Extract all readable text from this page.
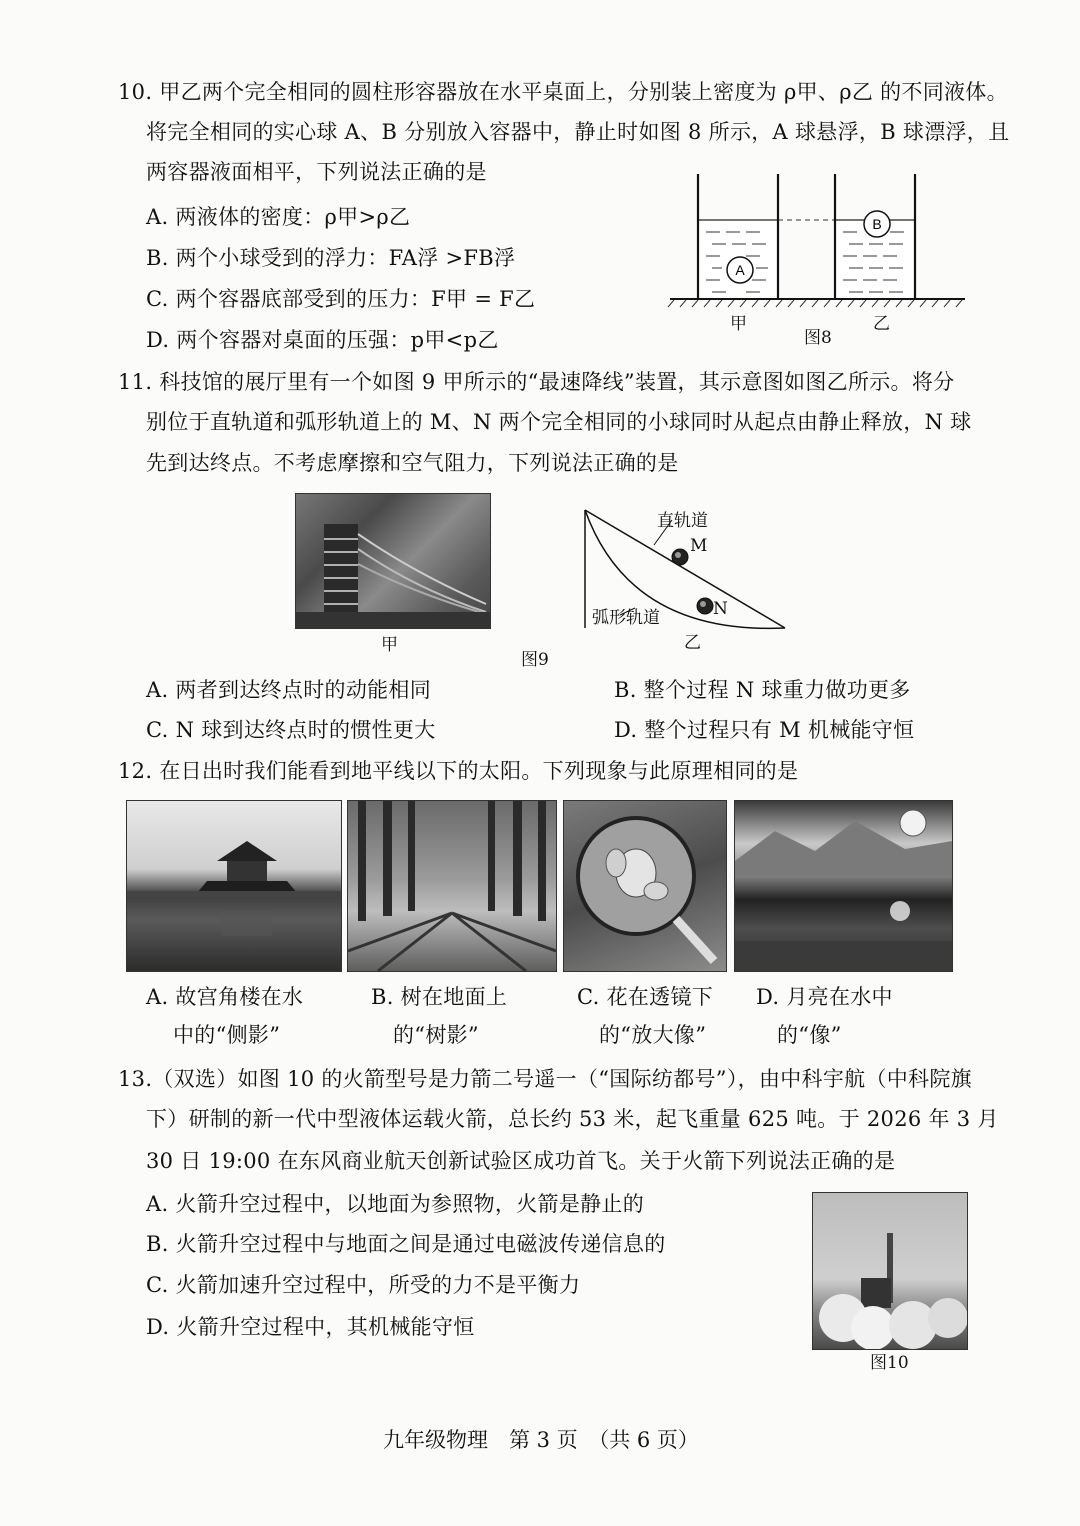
10. 甲乙两个完全相同的圆柱形容器放在水平桌面上，分别装上密度为 ρ甲、ρ乙 的不同液体。
将完全相同的实心球 A、B 分别放入容器中，静止时如图 8 所示，A 球悬浮，B 球漂浮，且
两容器液面相平，下列说法正确的是
A. 两液体的密度：ρ甲>ρ乙
B. 两个小球受到的浮力：FA浮 >FB浮
C. 两个容器底部受到的压力：F甲 = F乙
D. 两个容器对桌面的压强：p甲<p乙
A
B
甲
图8
乙
11. 科技馆的展厅里有一个如图 9 甲所示的“最速降线”装置，其示意图如图乙所示。将分
别位于直轨道和弧形轨道上的 M、N 两个完全相同的小球同时从起点由静止释放，N 球
先到达终点。不考虑摩擦和空气阻力，下列说法正确的是
甲
直轨道
M
N
弧形轨道
乙
图9
A. 两者到达终点时的动能相同	B. 整个过程 N 球重力做功更多
C. N 球到达终点时的惯性更大	D. 整个过程只有 M 机械能守恒
12. 在日出时我们能看到地平线以下的太阳。下列现象与此原理相同的是
A. 故宫角楼在水
中的“侧影”
B. 树在地面上
的“树影”
C. 花在透镜下
的“放大像”
D. 月亮在水中
的“像”
13.（双选）如图 10 的火箭型号是力箭二号遥一（“国际纺都号”），由中科宇航（中科院旗
下）研制的新一代中型液体运载火箭，总长约 53 米，起飞重量 625 吨。于 2026 年 3 月
30 日 19:00 在东风商业航天创新试验区成功首飞。关于火箭下列说法正确的是
A. 火箭升空过程中，以地面为参照物，火箭是静止的
B. 火箭升空过程中与地面之间是通过电磁波传递信息的
C. 火箭加速升空过程中，所受的力不是平衡力
D. 火箭升空过程中，其机械能守恒
图10
九年级物理　第 3 页　（共 6 页）
